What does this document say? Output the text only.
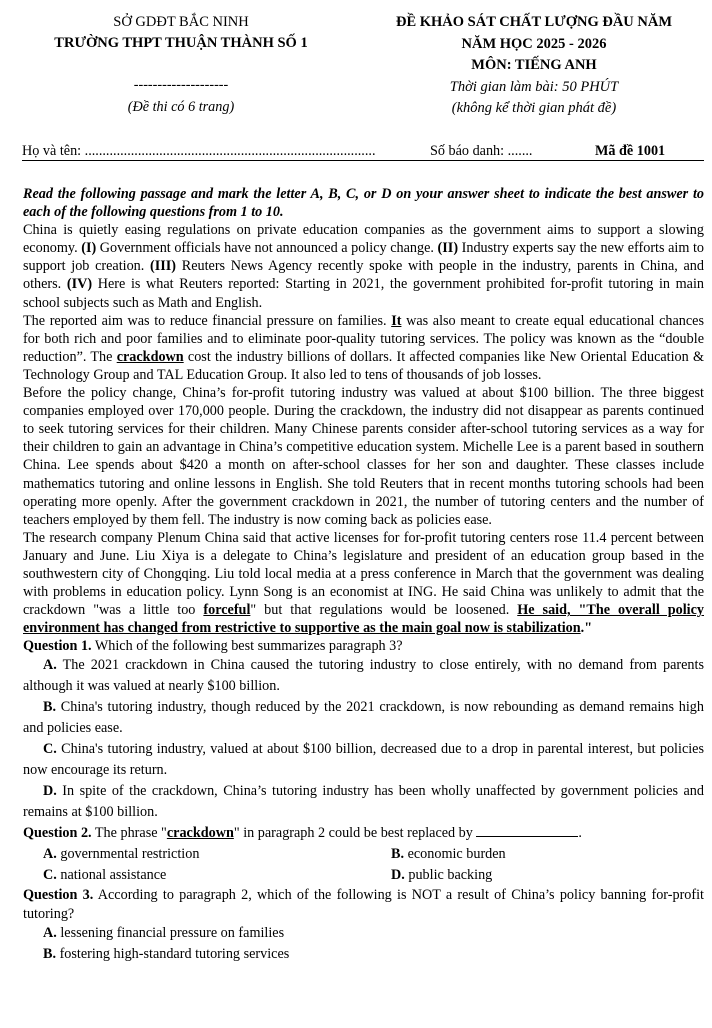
SỞ GDĐT BẮC NINH
TRƯỜNG THPT THUẬN THÀNH SỐ 1
--------------------
(Đề thi có 6 trang)
ĐỀ KHẢO SÁT CHẤT LƯỢNG ĐẦU NĂM
NĂM HỌC 2025 - 2026
MÔN: TIẾNG ANH
Thời gian làm bài: 50 PHÚT
(không kể thời gian phát đề)
Họ và tên: ..................................................................................	Số báo danh: .......	Mã đề 1001

Read the following passage and mark the letter A, B, C, or D on your answer sheet to indicate the best answer to each of the following questions from 1 to 10.

China is quietly easing regulations on private education companies as the government aims to support a slowing economy. (I) Government officials have not announced a policy change. (II) Industry experts say the new efforts aim to support job creation. (III) Reuters News Agency recently spoke with people in the industry, parents in China, and others. (IV) Here is what Reuters reported: Starting in 2021, the government prohibited for-profit tutoring in main school subjects such as Math and English.

The reported aim was to reduce financial pressure on families. It was also meant to create equal educational chances for both rich and poor families and to eliminate poor-quality tutoring services. The policy was known as the “double reduction”. The crackdown cost the industry billions of dollars. It affected companies like New Oriental Education & Technology Group and TAL Education Group. It also led to tens of thousands of job losses.

Before the policy change, China’s for-profit tutoring industry was valued at about $100 billion. The three biggest companies employed over 170,000 people. During the crackdown, the industry did not disappear as parents continued to seek tutoring services for their children. Many Chinese parents consider after-school tutoring services as a way for their children to gain an advantage in China’s competitive education system. Michelle Lee is a parent based in southern China. Lee spends about $420 a month on after-school classes for her son and daughter. These classes include mathematics tutoring and online lessons in English. She told Reuters that in recent months tutoring schools had been operating more openly. After the government crackdown in 2021, the number of tutoring centers and the number of teachers employed by them fell. The industry is now coming back as policies ease.

The research company Plenum China said that active licenses for for-profit tutoring centers rose 11.4 percent between January and June. Liu Xiya is a delegate to China’s legislature and president of an education group based in the southwestern city of Chongqing. Liu told local media at a press conference in March that the government was dealing with problems in education policy. Lynn Song is an economist at ING. He said China was unlikely to admit that the crackdown "was a little too forceful" but that regulations would be loosened. He said, "The overall policy environment has changed from restrictive to supportive as the main goal now is stabilization."

Question 1. Which of the following best summarizes paragraph 3?

A. The 2021 crackdown in China caused the tutoring industry to close entirely, with no demand from parents although it was valued at nearly $100 billion.

B. China's tutoring industry, though reduced by the 2021 crackdown, is now rebounding as demand remains high and policies ease.

C. China's tutoring industry, valued at about $100 billion, decreased due to a drop in parental interest, but policies now encourage its return.

D. In spite of the crackdown, China’s tutoring industry has been wholly unaffected by government policies and remains at $100 billion.

Question 2. The phrase "crackdown" in paragraph 2 could be best replaced by	.

A. governmental restriction	B. economic burden
C. national assistance	D. public backing

Question 3. According to paragraph 2, which of the following is NOT a result of China’s policy banning for-profit tutoring?

A. lessening financial pressure on families

B. fostering high-standard tutoring services
